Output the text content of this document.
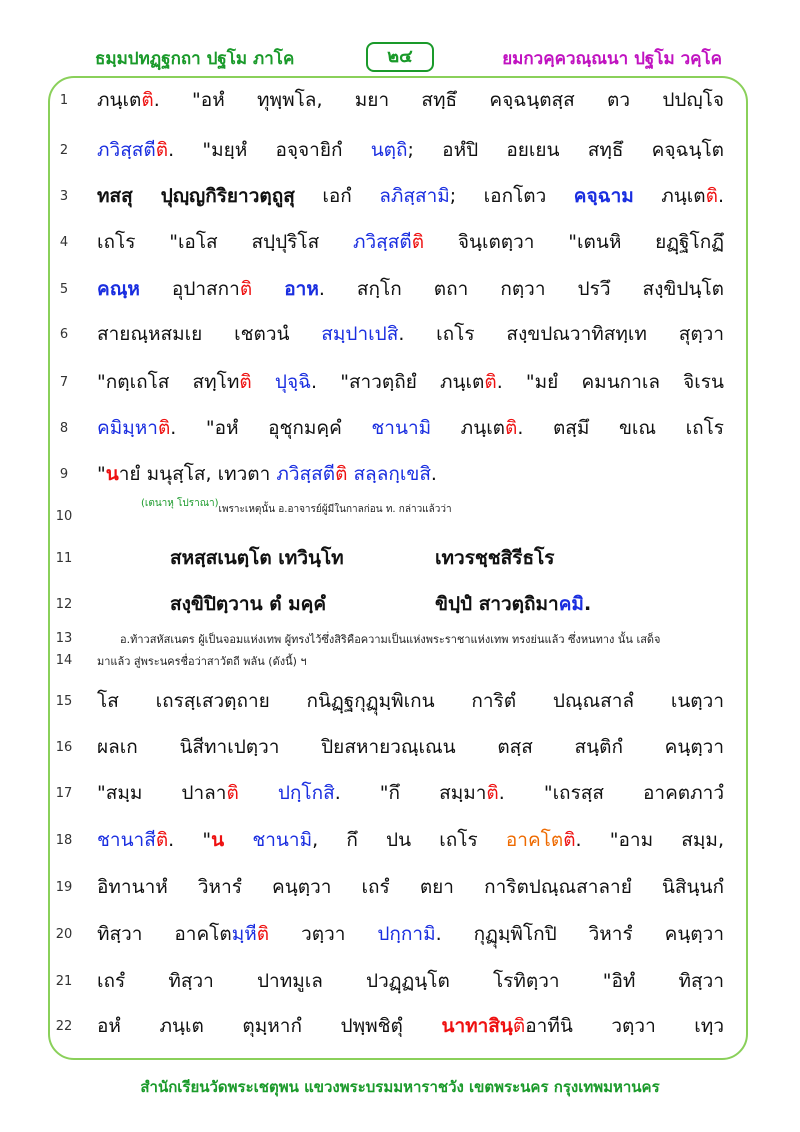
ธมฺมปทฏฺฐกถา ปฐโม ภาโค	๒๔	ยมกวคฺควณฺณนา ปฐโม วคฺโค
1
2
3
4
5
6
7
8
9
10
11
12
13
14
15
16
17
18
19
20
21
22
ภนฺเตติ. "อหํ ทุพฺพโล, มยา สทฺธึ คจฺฉนฺตสฺส ตว ปปญฺโจ
ภวิสฺสตีติ. "มยฺหํ อจฺจายิกํ นตฺถิ; อหํปิ อยเยน สทฺธึ คจฺฉนฺโต
ทสสุ ปุญฺญกิริยาวตฺถูสุ เอกํ ลภิสฺสามิ; เอกโตว คจฺฉาม ภนฺเตติ.
เถโร "เอโส สปฺปุริโส ภวิสฺสตีติ จินฺเตตฺวา "เตนหิ ยฏฺฐิโกฏึ
คณฺห อุปาสกาติ อาห. สกฺโก ตถา กตฺวา ปรวึ สงฺขิปนฺโต
สายณฺหสมเย เชตวนํ สมฺปาเปสิ. เถโร สงฺขปณวาทิสทฺเท สุตฺวา
"กตฺเถโส สทฺโทติ ปุจฺฉิ. "สาวตฺถิยํ ภนฺเตติ. "มยํ คมนกาเล จิเรน
คมิมฺหาติ. "อหํ อุชุกมคฺคํ ชานามิ ภนฺเตติ. ตสฺมึ ขเณ เถโร
"นายํ มนุสฺโส, เทวตา ภวิสฺสตีติ สลฺลกฺเขสิ.
(เตนาหุ โปราณา)เพราะเหตุนั้น อ.อาจารย์ผู้มีในกาลก่อน ท. กล่าวแล้วว่า
สหสฺสเนตฺโต เทวินฺโท	เทวรชฺชสิรีธโร
สงฺขิปิตฺวาน ตํ มคฺคํ	ขิปฺปํ สาวตฺถิมาคมิ.
อ.ท้าวสหัสเนตร ผู้เป็นจอมแห่งเทพ ผู้ทรงไว้ซึ่งสิริคือความเป็นแห่งพระราชาแห่งเทพ ทรงย่นแล้ว ซึ่งหนทาง นั้น เสด็จ
มาแล้ว สู่พระนครชื่อว่าสาวัตถี พลัน (ดังนี้) ฯ
โส เถรสฺเสวตฺถาย กนิฏฺฐกุฏุมฺพิเกน การิตํ ปณฺณสาลํ เนตฺวา
ผลเก นิสีทาเปตฺวา ปิยสหายวณฺเณน ตสฺส สนฺติกํ คนฺตฺวา
"สมฺม ปาลาติ ปกฺโกสิ. "กึ สมฺมาติ. "เถรสฺส อาคตภาวํ
ชานาสีติ. "น ชานามิ, กึ ปน เถโร อาคโตติ. "อาม สมฺม,
อิทานาหํ วิหารํ คนฺตฺวา เถรํ ตยา การิตปณฺณสาลายํ นิสินฺนกํ
ทิสฺวา อาคโตมฺหีติ วตฺวา ปกฺกามิ. กุฏุมฺพิโกปิ วิหารํ คนฺตฺวา
เถรํ ทิสฺวา ปาทมูเล ปวฏฺฏนฺโต โรทิตฺวา "อิทํ ทิสฺวา
อหํ ภนฺเต ตุมฺหากํ ปพฺพชิตุํ นาทาสินฺติอาทีนิ วตฺวา เทฺว
สำนักเรียนวัดพระเชตุพน แขวงพระบรมมหาราชวัง เขตพระนคร กรุงเทพมหานคร
